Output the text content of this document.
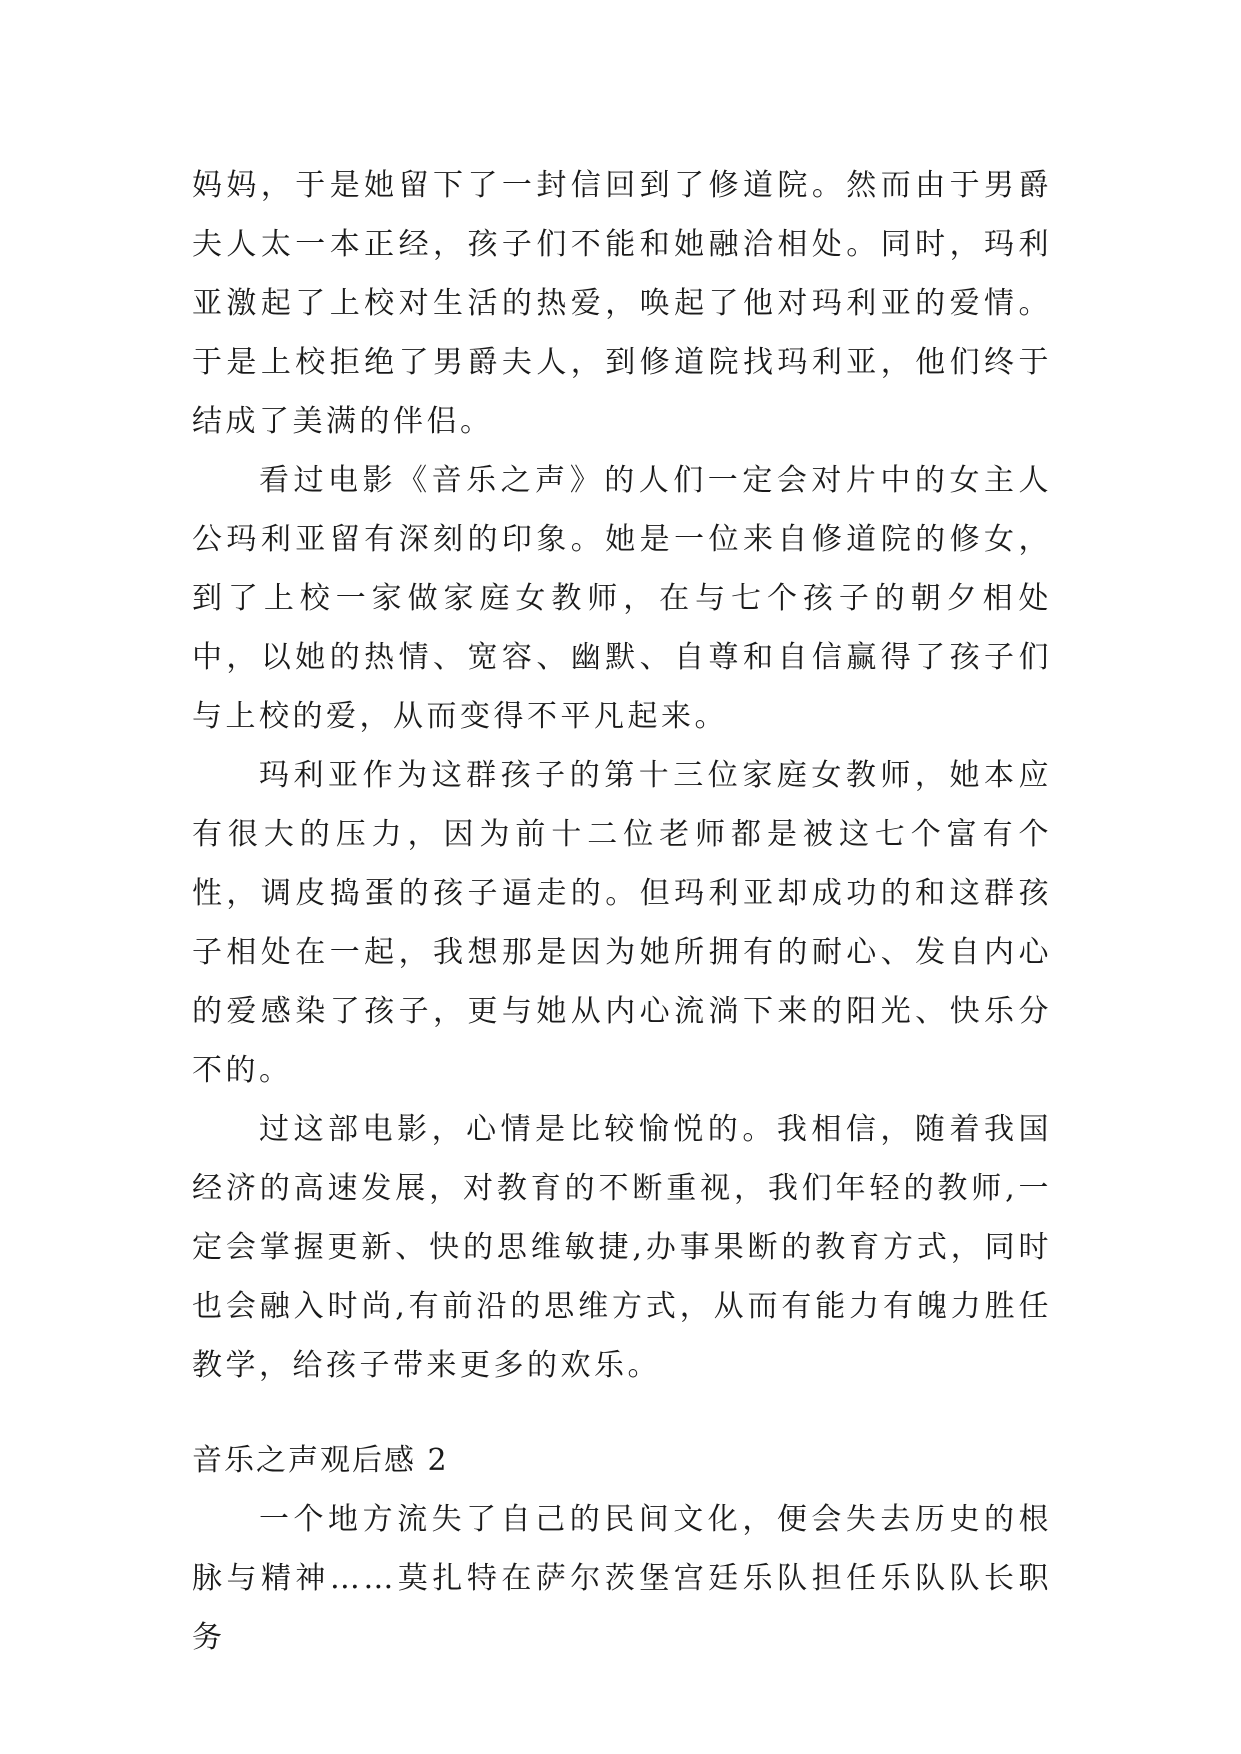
妈妈，于是她留下了一封信回到了修道院。然而由于男爵夫人太一本正经，孩子们不能和她融洽相处。同时，玛利亚激起了上校对生活的热爱，唤起了他对玛利亚的爱情。于是上校拒绝了男爵夫人，到修道院找玛利亚，他们终于结成了美满的伴侣。

看过电影《音乐之声》的人们一定会对片中的女主人公玛利亚留有深刻的印象。她是一位来自修道院的修女，到了上校一家做家庭女教师，在与七个孩子的朝夕相处中，以她的热情、宽容、幽默、自尊和自信赢得了孩子们与上校的爱，从而变得不平凡起来。

玛利亚作为这群孩子的第十三位家庭女教师，她本应有很大的压力，因为前十二位老师都是被这七个富有个性，调皮捣蛋的孩子逼走的。但玛利亚却成功的和这群孩子相处在一起，我想那是因为她所拥有的耐心、发自内心的爱感染了孩子，更与她从内心流淌下来的阳光、快乐分不的。

过这部电影，心情是比较愉悦的。我相信，随着我国经济的高速发展，对教育的不断重视，我们年轻的教师,一定会掌握更新、快的思维敏捷,办事果断的教育方式，同时也会融入时尚,有前沿的思维方式，从而有能力有魄力胜任教学，给孩子带来更多的欢乐。

音乐之声观后感 2

一个地方流失了自己的民间文化，便会失去历史的根脉与精神……莫扎特在萨尔茨堡宫廷乐队担任乐队队长职务
